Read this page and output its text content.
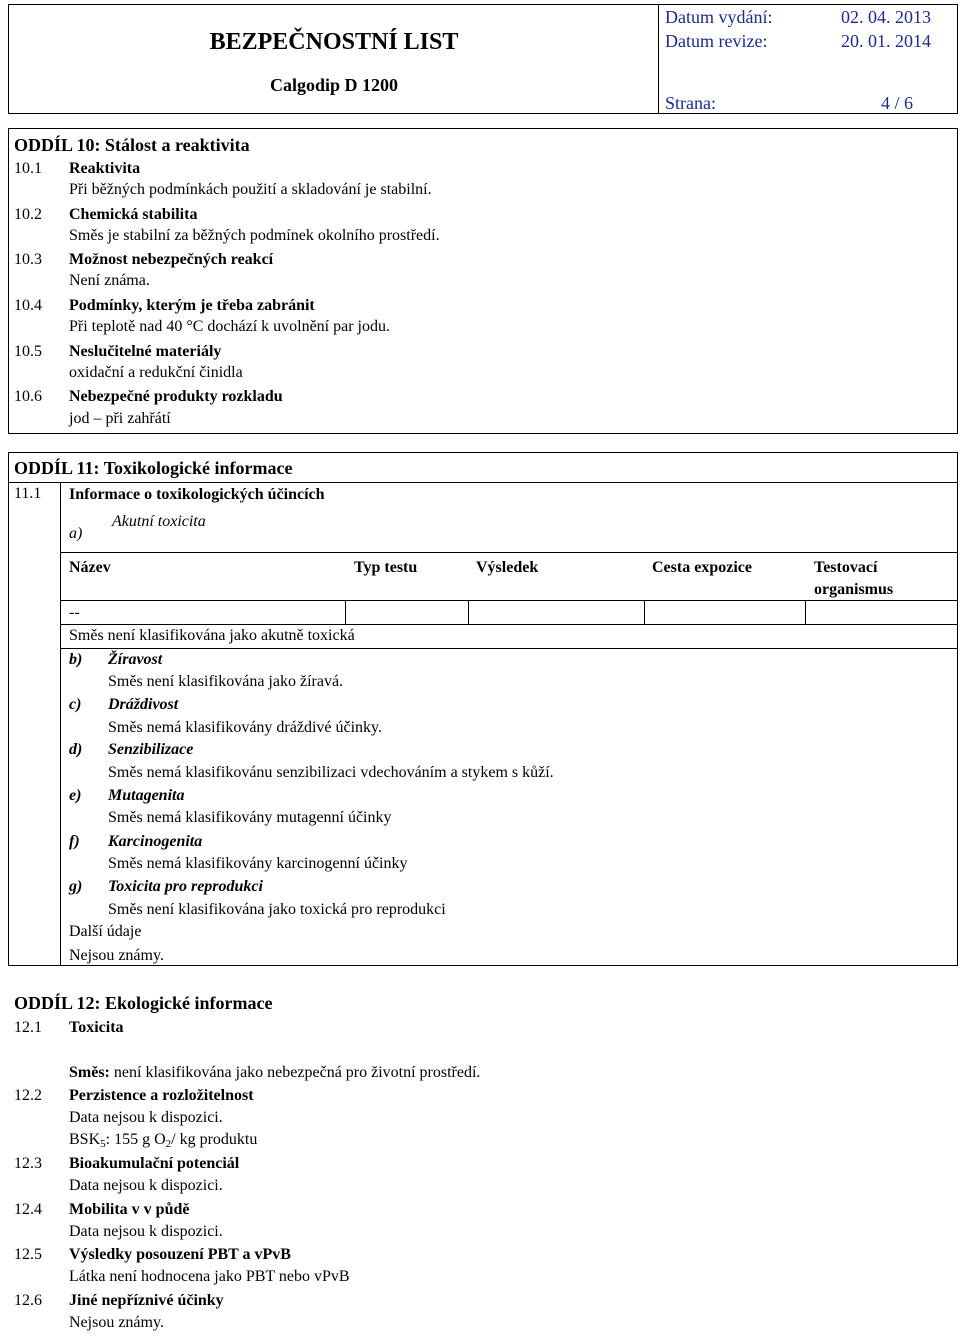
BEZPEČNOSTNÍ LIST
Calgodip D 1200
Datum vydání:	02. 04. 2013
Datum revize:	20. 01. 2014
Strana:	4 / 6
ODDÍL 10: Stálost a reaktivita
10.1 Reaktivita
Při běžných podmínkách použití a skladování je stabilní.
10.2 Chemická stabilita
Směs je stabilní za běžných podmínek okolního prostředí.
10.3 Možnost nebezpečných reakcí
Není známa.
10.4 Podmínky, kterým je třeba zabránit
Při teplotě nad 40 °C dochází k uvolnění par jodu.
10.5 Neslučitelné materiály
oxidační a redukční činidla
10.6 Nebezpečné produkty rozkladu
jod – při zahřátí
ODDÍL 11: Toxikologické informace
11.1 Informace o toxikologických účincích
a)
Akutní toxicita
Název	Typ testu	Výsledek	Cesta expozice	Testovací
organismus
--
Směs není klasifikována jako akutně toxická
b) Žíravost
Směs není klasifikována jako žíravá.
c) Dráždivost
Směs nemá klasifikovány dráždivé účinky.
d) Senzibilizace
Směs nemá klasifikovánu senzibilizaci vdechováním a stykem s kůží.
e) Mutagenita
Směs nemá klasifikovány mutagenní účinky
f) Karcinogenita
Směs nemá klasifikovány karcinogenní účinky
g) Toxicita pro reprodukci
Směs není klasifikována jako toxická pro reprodukci
Další údaje
Nejsou známy.
ODDÍL 12: Ekologické informace
12.1 Toxicita
Směs: není klasifikována jako nebezpečná pro životní prostředí.
12.2 Perzistence a rozložitelnost
Data nejsou k dispozici.
$BSK_5$: 155 g $O_2/$ kg produktu
12.3 Bioakumulační potenciál
Data nejsou k dispozici.
12.4 Mobilita v v půdě
Data nejsou k dispozici.
12.5 Výsledky posouzení PBT a vPvB
Látka není hodnocena jako PBT nebo vPvB
12.6 Jiné nepříznivé účinky
Nejsou známy.
